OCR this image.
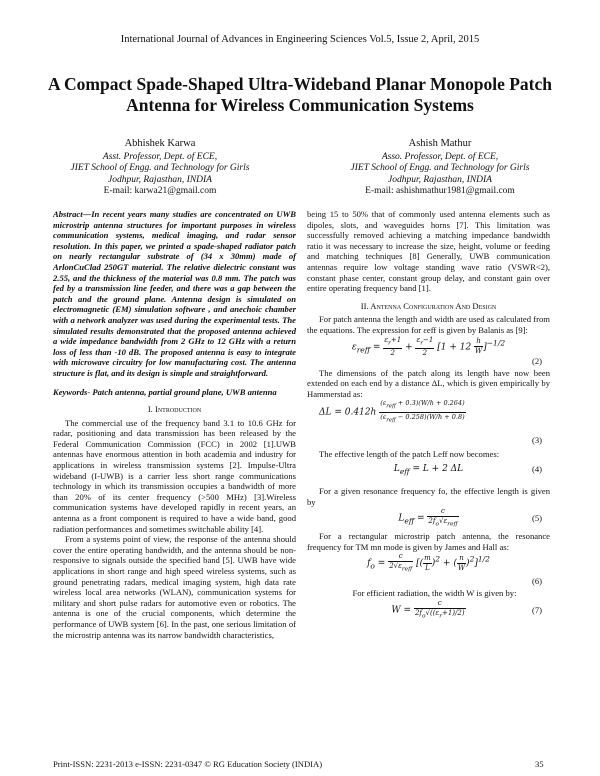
International Journal of Advances in Engineering Sciences Vol.5, Issue 2, April, 2015
A Compact Spade-Shaped Ultra-Wideband Planar Monopole Patch Antenna for Wireless Communication Systems
Abhishek Karwa
Asst. Professor, Dept. of ECE,
JIET School of Engg. and Technology for Girls
Jodhpur, Rajasthan, INDIA
E-mail: karwa21@gmail.com
Ashish Mathur
Asso. Professor, Dept. of ECE,
JIET School of Engg. and Technology for Girls
Jodhpur, Rajasthan, INDIA
E-mail: ashishmathur1981@gmail.com

Abstract—In recent years many studies are concentrated on UWB microstrip antenna structures for important purposes in wireless communication systems, medical imaging, and radar sensor resolution. In this paper, we printed a spade-shaped radiator patch on nearly rectangular substrate of (34 x 30mm) made of ArlonCuClad 250GT material. The relative dielectric constant was 2.55, and the thickness of the material was 0.8 mm. The patch was fed by a transmission line feeder, and there was a gap between the patch and the ground plane. Antenna design is simulated on electromagnetic (EM) simulation software , and anechoic chamber with a network analyzer was used during the experimental tests. The simulated results demonstrated that the proposed antenna achieved a wide impedance bandwidth from 2 GHz to 12 GHz with a return loss of less than -10 dB. The proposed antenna is easy to integrate with microwave circuitry for low manufacturing cost. The antenna structure is flat, and its design is simple and straightforward.

Keywords- Patch antenna, partial ground plane, UWB antenna

I. Introduction

The commercial use of the frequency band 3.1 to 10.6 GHz for radar, positioning and data transmission has been released by the Federal Communication Commission (FCC) in 2002 [1].UWB antennas have enormous attention in both academia and industry for applications in wireless transmission systems [2]. Impulse-Ultra wideband (I-UWB) is a carrier less short range communications technology in which its transmission occupies a bandwidth of more than 20% of its center frequency (>500 MHz) [3].Wireless communication systems have developed rapidly in recent years, an antenna as a front component is required to have a wide band, good radiation performances and sometimes switchable ability [4].

From a systems point of view, the response of the antenna should cover the entire operating bandwidth, and the antenna should be non-responsive to signals outside the specified band [5]. UWB have wide applications in short range and high speed wireless systems, such as ground penetrating radars, medical imaging system, high data rate wireless local area networks (WLAN), communication systems for military and short pulse radars for automotive even or robotics. The antenna is one of the crucial components, which determine the performance of UWB system [6]. In the past, one serious limitation of the microstrip antenna was its narrow bandwidth characteristics,

being 15 to 50% that of commonly used antenna elements such as dipoles, slots, and waveguides horns [7]. This limitation was successfully removed achieving a matching impedance bandwidth ratio it was necessary to increase the size, height, volume or feeding and matching techniques [8] Generally, UWB communication antennas require low voltage standing wave ratio (VSWR<2), constant phase center, constant group delay, and constant gain over entire operating frequency band [1].

II. Antenna Configuration And Design

For patch antenna the length and width are used as calculated from the equations. The expression for εeff is given by Balanis as [9]:

$\varepsilon_{reff} = \frac{\varepsilon_r+1}{2} + \frac{\varepsilon_r-1}{2} [1 + 12 \frac{h}{W} ]^{-1/2}$
(2)

The dimensions of the patch along its length have now been extended on each end by a distance ΔL, which is given empirically by Hammerstad as:

$\Delta L = 0.412h \frac{(\varepsilon_{reff} + 0.3)(W/h + 0.264)}{(\varepsilon_{reff} - 0.258)(W/h + 0.8)}$
(3)

The effective length of the patch Leff now becomes:

$L_{eff} = L + 2$ ΔL	(4)

For a given resonance frequency fo, the effective length is given by

$L_{eff} = \frac{c}{2f_o√\varepsilon_{reff}}$	(5)

For a rectangular microstrip patch antenna, the resonance frequency for TM mn mode is given by James and Hall as:

$f_o = \frac{c}{2√\varepsilon_{reff}}$ [( $\frac{m}{L} )^2$ + ( $\frac{n}{W} )^2]^{1/2}$
(6)

For efficient radiation, the width W is given by:

$W = \frac{c}{2f_o√((\varepsilon_r+1)/2)}$	(7)
Print-ISSN: 2231-2013 e-ISSN: 2231-0347 © RG Education Society (INDIA)	35
